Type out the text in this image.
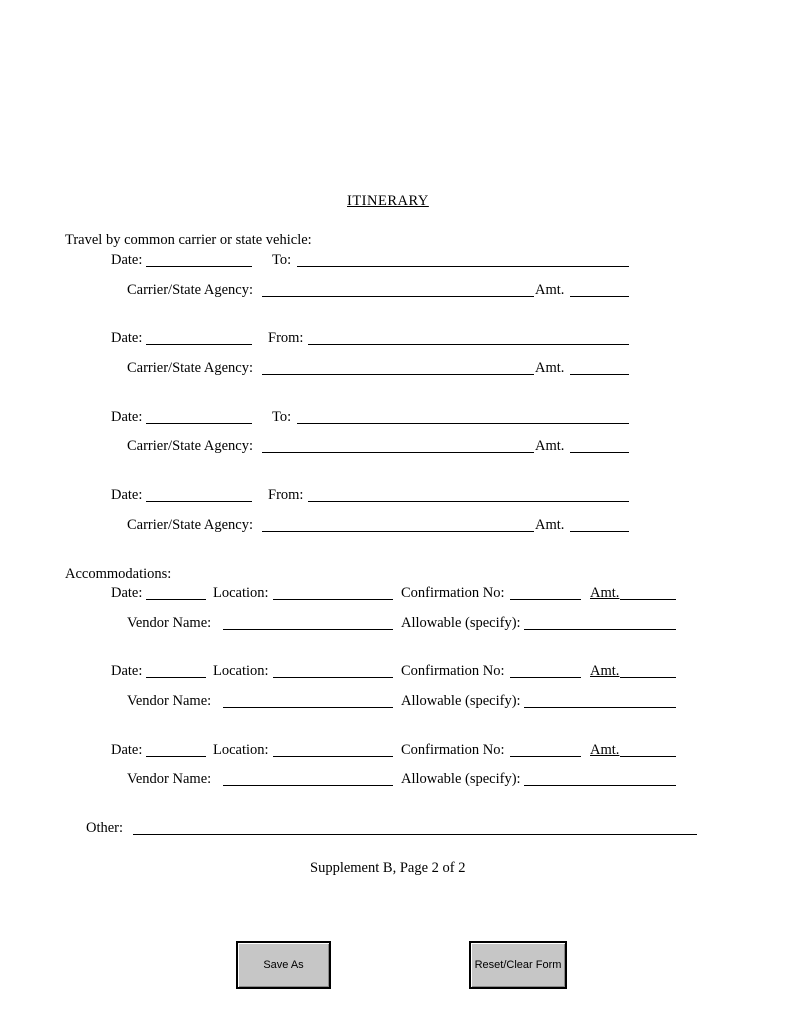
ITINERARY
Travel by common carrier or state vehicle:
Date:	To:
Carrier/State Agency:	Amt.
Date:	From:
Carrier/State Agency:	Amt.
Date:	To:
Carrier/State Agency:	Amt.
Date:	From:
Carrier/State Agency:	Amt.
Accommodations:
Date:	Location:	Confirmation No:	Amt.
Vendor Name:	Allowable (specify):
Date:	Location:	Confirmation No:	Amt.
Vendor Name:	Allowable (specify):
Date:	Location:	Confirmation No:	Amt.
Vendor Name:	Allowable (specify):
Other:
Supplement B, Page 2 of 2
Save As	Reset/Clear Form
